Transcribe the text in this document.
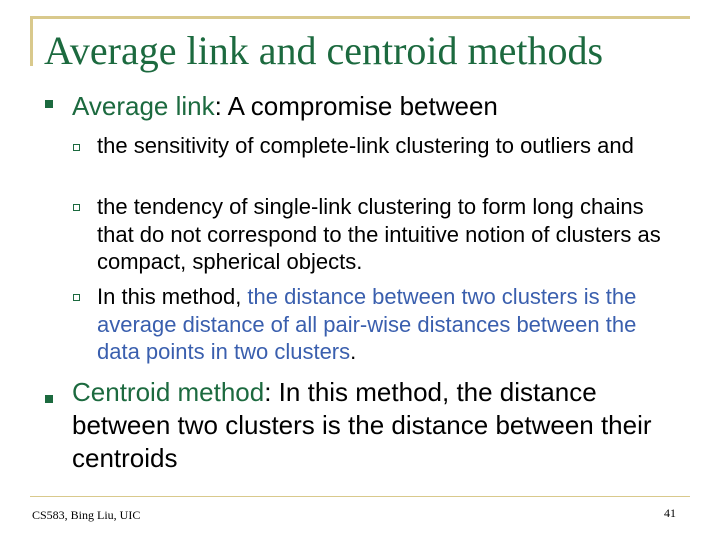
Average link and centroid methods
Average link: A compromise between
the sensitivity of complete-link clustering to outliers and
the tendency of single-link clustering to form long chains that do not correspond to the intuitive notion of clusters as compact, spherical objects.
In this method, the distance between two clusters is the average distance of all pair-wise distances between the data points in two clusters.
Centroid method: In this method, the distance between two clusters is the distance between their centroids
CS583, Bing Liu, UIC	41
